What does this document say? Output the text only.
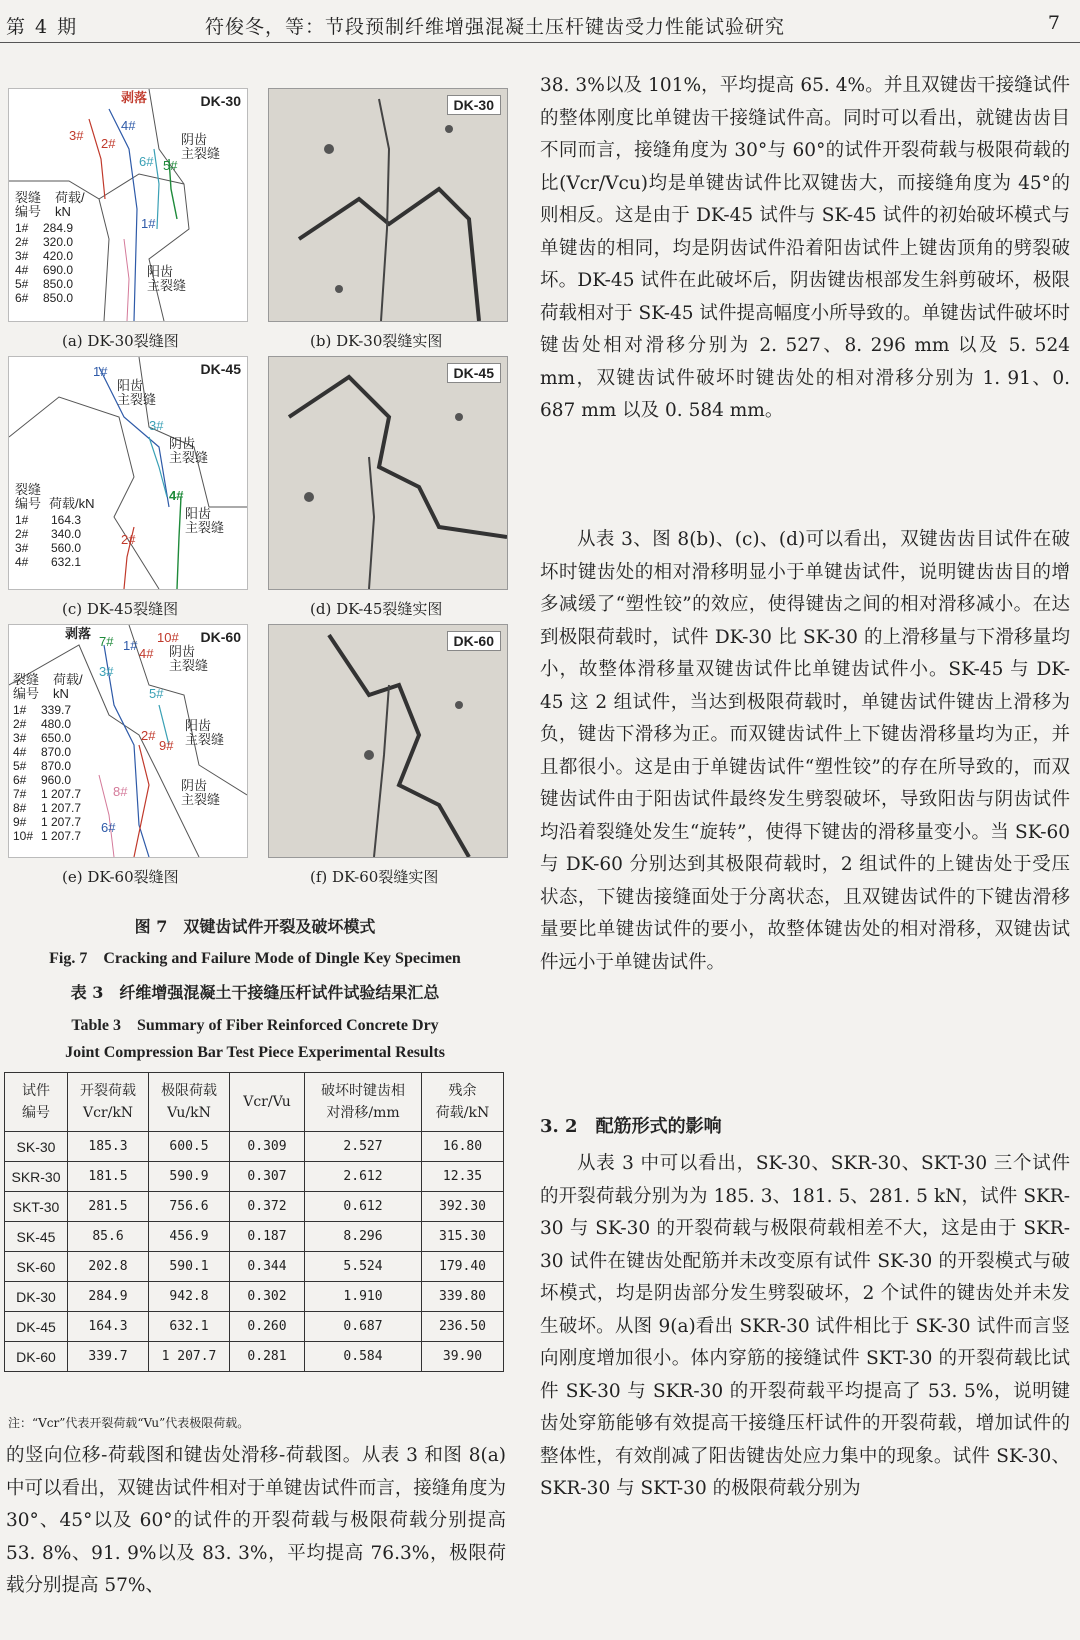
第 4 期	符俊冬，等：节段预制纤维增强混凝土压杆键齿受力性能试验研究	7
DK-30
剥落
阴齿
主裂缝
阳齿
主裂缝
3#
2#
4#
6# 5#
1#
裂缝
编号
荷载/
kN
1# 284.9
2# 320.0
3# 420.0
4# 690.0
5# 850.0
6# 850.0
(a) DK-30裂缝图
DK-30
(b) DK-30裂缝实图
DK-45
阳齿
主裂缝
阴齿
主裂缝
阳齿
主裂缝
1#
3#
4#
2#
裂缝
编号 荷载/kN
1# 164.3
2# 340.0
3# 560.0
4# 632.1
(c) DK-45裂缝图
DK-45
(d) DK-45裂缝实图
DK-60
剥落
阴齿
主裂缝
阳齿
主裂缝
阴齿
主裂缝
7# 1#
4#
10#
3#
5#
2#
9#
8#
6#
裂缝
编号
荷载/
kN
1# 339.7
2# 480.0
3# 650.0
4# 870.0
5# 870.0
6# 960.0
7# 1 207.7
8# 1 207.7
9# 1 207.7
10# 1 207.7
(e) DK-60裂缝图
DK-60
(f) DK-60裂缝实图
图 7　双键齿试件开裂及破坏模式
Fig. 7　Cracking and Failure Mode of Dingle Key Specimen
表 3　纤维增强混凝土干接缝压杆试件试验结果汇总
Table 3　Summary of Fiber Reinforced Concrete Dry
Joint Compression Bar Test Piece Experimental Results
试件
编号	开裂荷载
Vcr/kN	极限荷载
Vu/kN	Vcr/Vu	破坏时键齿相
对滑移/mm	残余
荷载/kN
SK-30	185.3	600.5	0.309	2.527	16.80
SKR-30	181.5	590.9	0.307	2.612	12.35
SKT-30	281.5	756.6	0.372	0.612	392.30
SK-45	85.6	456.9	0.187	8.296	315.30
SK-60	202.8	590.1	0.344	5.524	179.40
DK-30	284.9	942.8	0.302	1.910	339.80
DK-45	164.3	632.1	0.260	0.687	236.50
DK-60	339.7	1 207.7	0.281	0.584	39.90
注：“Vcr”代表开裂荷载“Vu”代表极限荷载。

的竖向位移-荷载图和键齿处滑移-荷载图。从表 3 和图 8(a)中可以看出，双键齿试件相对于单键齿试件而言，接缝角度为 30°、45°以及 60°的试件的开裂荷载与极限荷载分别提高 53. 8%、91. 9%以及 83. 3%，平均提高 76.3%，极限荷载分别提高 57%、

38. 3%以及 101%，平均提高 65. 4%。并且双键齿干接缝试件的整体刚度比单键齿干接缝试件高。同时可以看出，就键齿齿目不同而言，接缝角度为 30°与 60°的试件开裂荷载与极限荷载的比(Vcr/Vcu)均是单键齿试件比双键齿大，而接缝角度为 45°的则相反。这是由于 DK-45 试件与 SK-45 试件的初始破坏模式与单键齿的相同，均是阴齿试件沿着阳齿试件上键齿顶角的劈裂破坏。DK-45 试件在此破坏后，阴齿键齿根部发生斜剪破坏，极限荷载相对于 SK-45 试件提高幅度小所导致的。单键齿试件破坏时键齿处相对滑移分别为 2. 527、8. 296 mm 以及 5. 524 mm，双键齿试件破坏时键齿处的相对滑移分别为 1. 91、0. 687 mm 以及 0. 584 mm。

从表 3、图 8(b)、(c)、(d)可以看出，双键齿齿目试件在破坏时键齿处的相对滑移明显小于单键齿试件，说明键齿齿目的增多减缓了“塑性铰”的效应，使得键齿之间的相对滑移减小。在达到极限荷载时，试件 DK-30 比 SK-30 的上滑移量与下滑移量均小，故整体滑移量双键齿试件比单键齿试件小。SK-45 与 DK-45 这 2 组试件，当达到极限荷载时，单键齿试件键齿上滑移为负，键齿下滑移为正。而双键齿试件上下键齿滑移量均为正，并且都很小。这是由于单键齿试件“塑性铰”的存在所导致的，而双键齿试件由于阳齿试件最终发生劈裂破坏，导致阳齿与阴齿试件均沿着裂缝处发生“旋转”，使得下键齿的滑移量变小。当 SK-60 与 DK-60 分别达到其极限荷载时，2 组试件的上键齿处于受压状态，下键齿接缝面处于分离状态，且双键齿试件的下键齿滑移量要比单键齿试件的要小，故整体键齿处的相对滑移，双键齿试件远小于单键齿试件。

3. 2　配筋形式的影响

从表 3 中可以看出，SK-30、SKR-30、SKT-30 三个试件的开裂荷载分别为为 185. 3、181. 5、281. 5 kN，试件 SKR-30 与 SK-30 的开裂荷载与极限荷载相差不大，这是由于 SKR-30 试件在键齿处配筋并未改变原有试件 SK-30 的开裂模式与破坏模式，均是阴齿部分发生劈裂破坏，2 个试件的键齿处并未发生破坏。从图 9(a)看出 SKR-30 试件相比于 SK-30 试件而言竖向刚度增加很小。体内穿筋的接缝试件 SKT-30 的开裂荷载比试件 SK-30 与 SKR-30 的开裂荷载平均提高了 53. 5%，说明键齿处穿筋能够有效提高干接缝压杆试件的开裂荷载，增加试件的整体性，有效削减了阳齿键齿处应力集中的现象。试件 SK-30、SKR-30 与 SKT-30 的极限荷载分别为
